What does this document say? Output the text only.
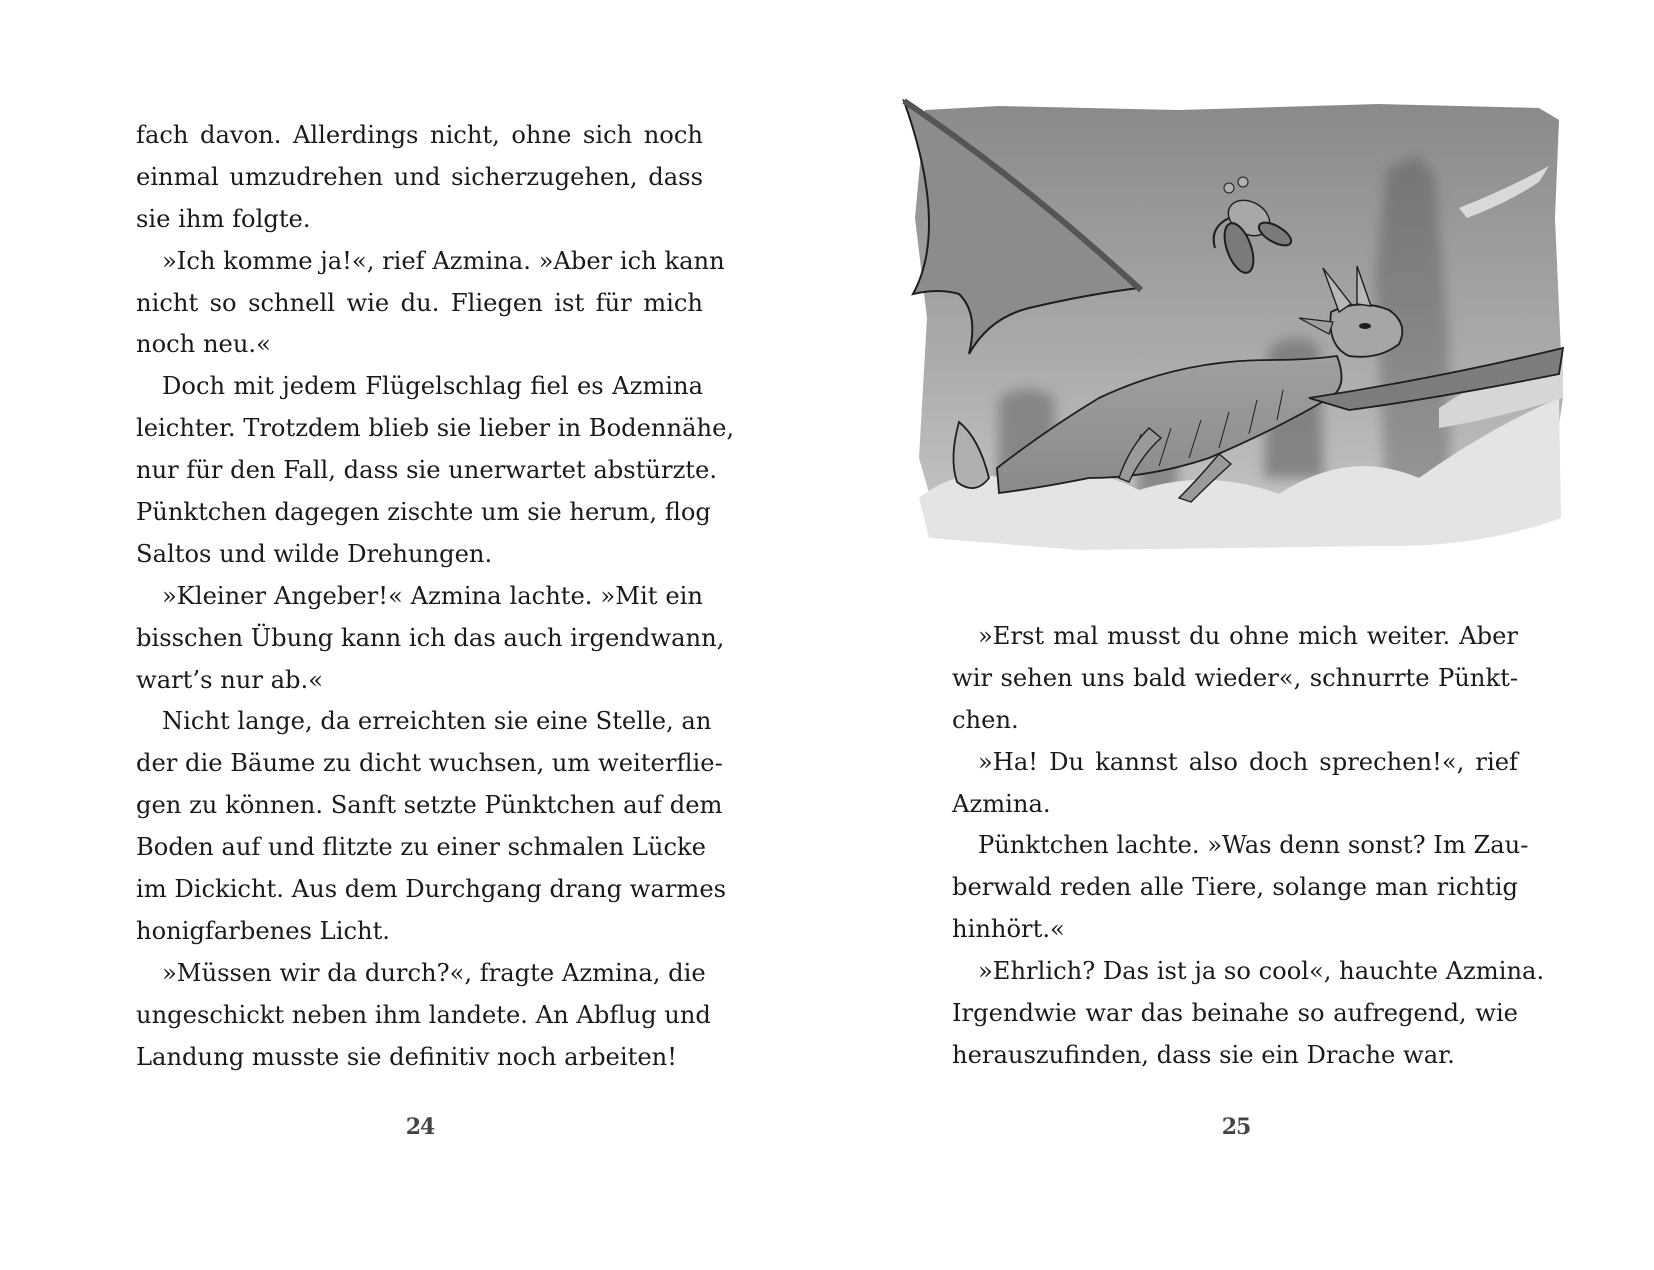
fach davon. Allerdings nicht, ohne sich noch
einmal umzudrehen und sicherzugehen, dass
sie ihm folgte.
»Ich komme ja!«, rief Azmina. »Aber ich kann
nicht so schnell wie du. Fliegen ist für mich
noch neu.«
Doch mit jedem Flügelschlag fiel es Azmina
leichter. Trotzdem blieb sie lieber in Bodennähe,
nur für den Fall, dass sie unerwartet abstürzte.
Pünktchen dagegen zischte um sie herum, flog
Saltos und wilde Drehungen.
»Kleiner Angeber!« Azmina lachte. »Mit ein
bisschen Übung kann ich das auch irgendwann,
wart’s nur ab.«
Nicht lange, da erreichten sie eine Stelle, an
der die Bäume zu dicht wuchsen, um weiterflie-
gen zu können. Sanft setzte Pünktchen auf dem
Boden auf und flitzte zu einer schmalen Lücke
im Dickicht. Aus dem Durchgang drang warmes
honigfarbenes Licht.
»Müssen wir da durch?«, fragte Azmina, die
ungeschickt neben ihm landete. An Abflug und
Landung musste sie definitiv noch arbeiten!
24
»Erst mal musst du ohne mich weiter. Aber
wir sehen uns bald wieder«, schnurrte Pünkt-
chen.
»Ha! Du kannst also doch sprechen!«, rief
Azmina.
Pünktchen lachte. »Was denn sonst? Im Zau-
berwald reden alle Tiere, solange man richtig
hinhört.«
»Ehrlich? Das ist ja so cool«, hauchte Azmina.
Irgendwie war das beinahe so aufregend, wie
herauszufinden, dass sie ein Drache war.
25
